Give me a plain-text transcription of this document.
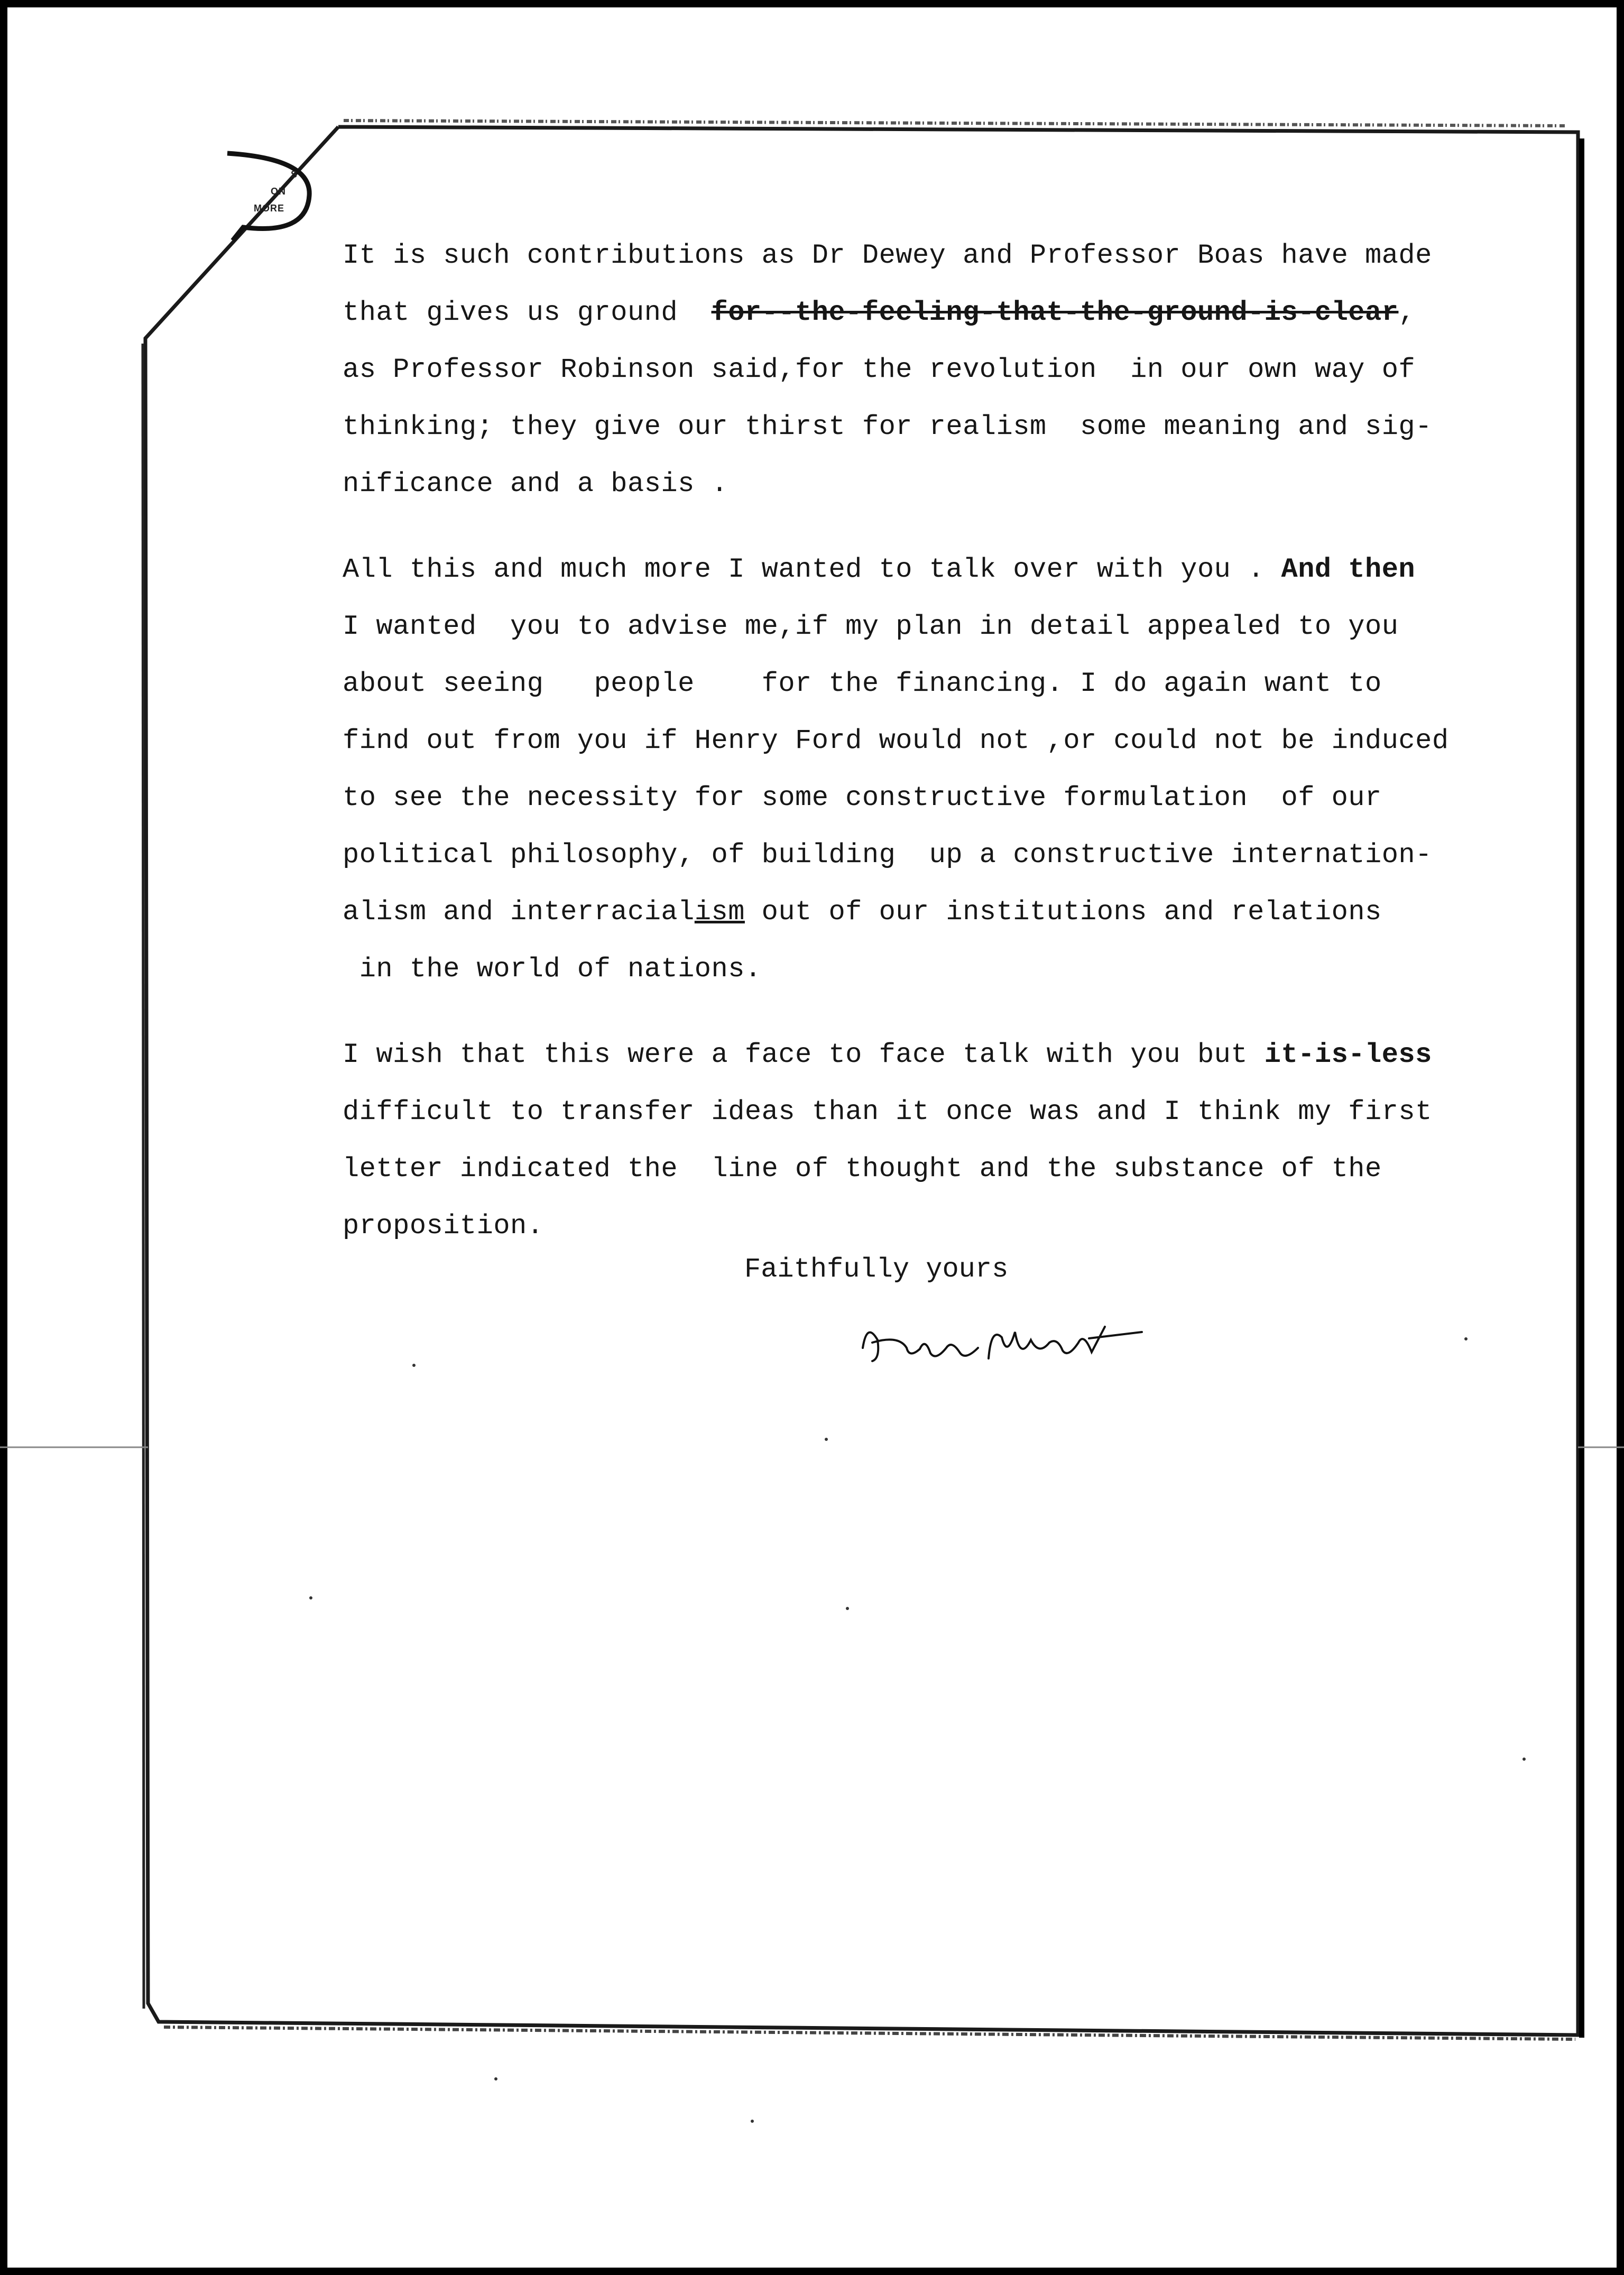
S
ON
MORE
It is such contributions as Dr Dewey and Professor Boas have made
that gives us ground  for--the-feeling-that-the-ground-is-clear,
as Professor Robinson said,for the revolution  in our own way of
thinking; they give our thirst for realism  some meaning and sig-
nificance and a basis .
All this and much more I wanted to talk over with you . And then
I wanted  you to advise me,if my plan in detail appealed to you
about seeing   people    for the financing. I do again want to
find out from you if Henry Ford would not ,or could not be induced
to see the necessity for some constructive formulation  of our
political philosophy, of building  up a constructive internation-
alism and interracialism out of our institutions and relations
in the world of nations.
I wish that this were a face to face talk with you but it-is-less
difficult to transfer ideas than it once was and I think my first
letter indicated the  line of thought and the substance of the
proposition.
Faithfully yours
